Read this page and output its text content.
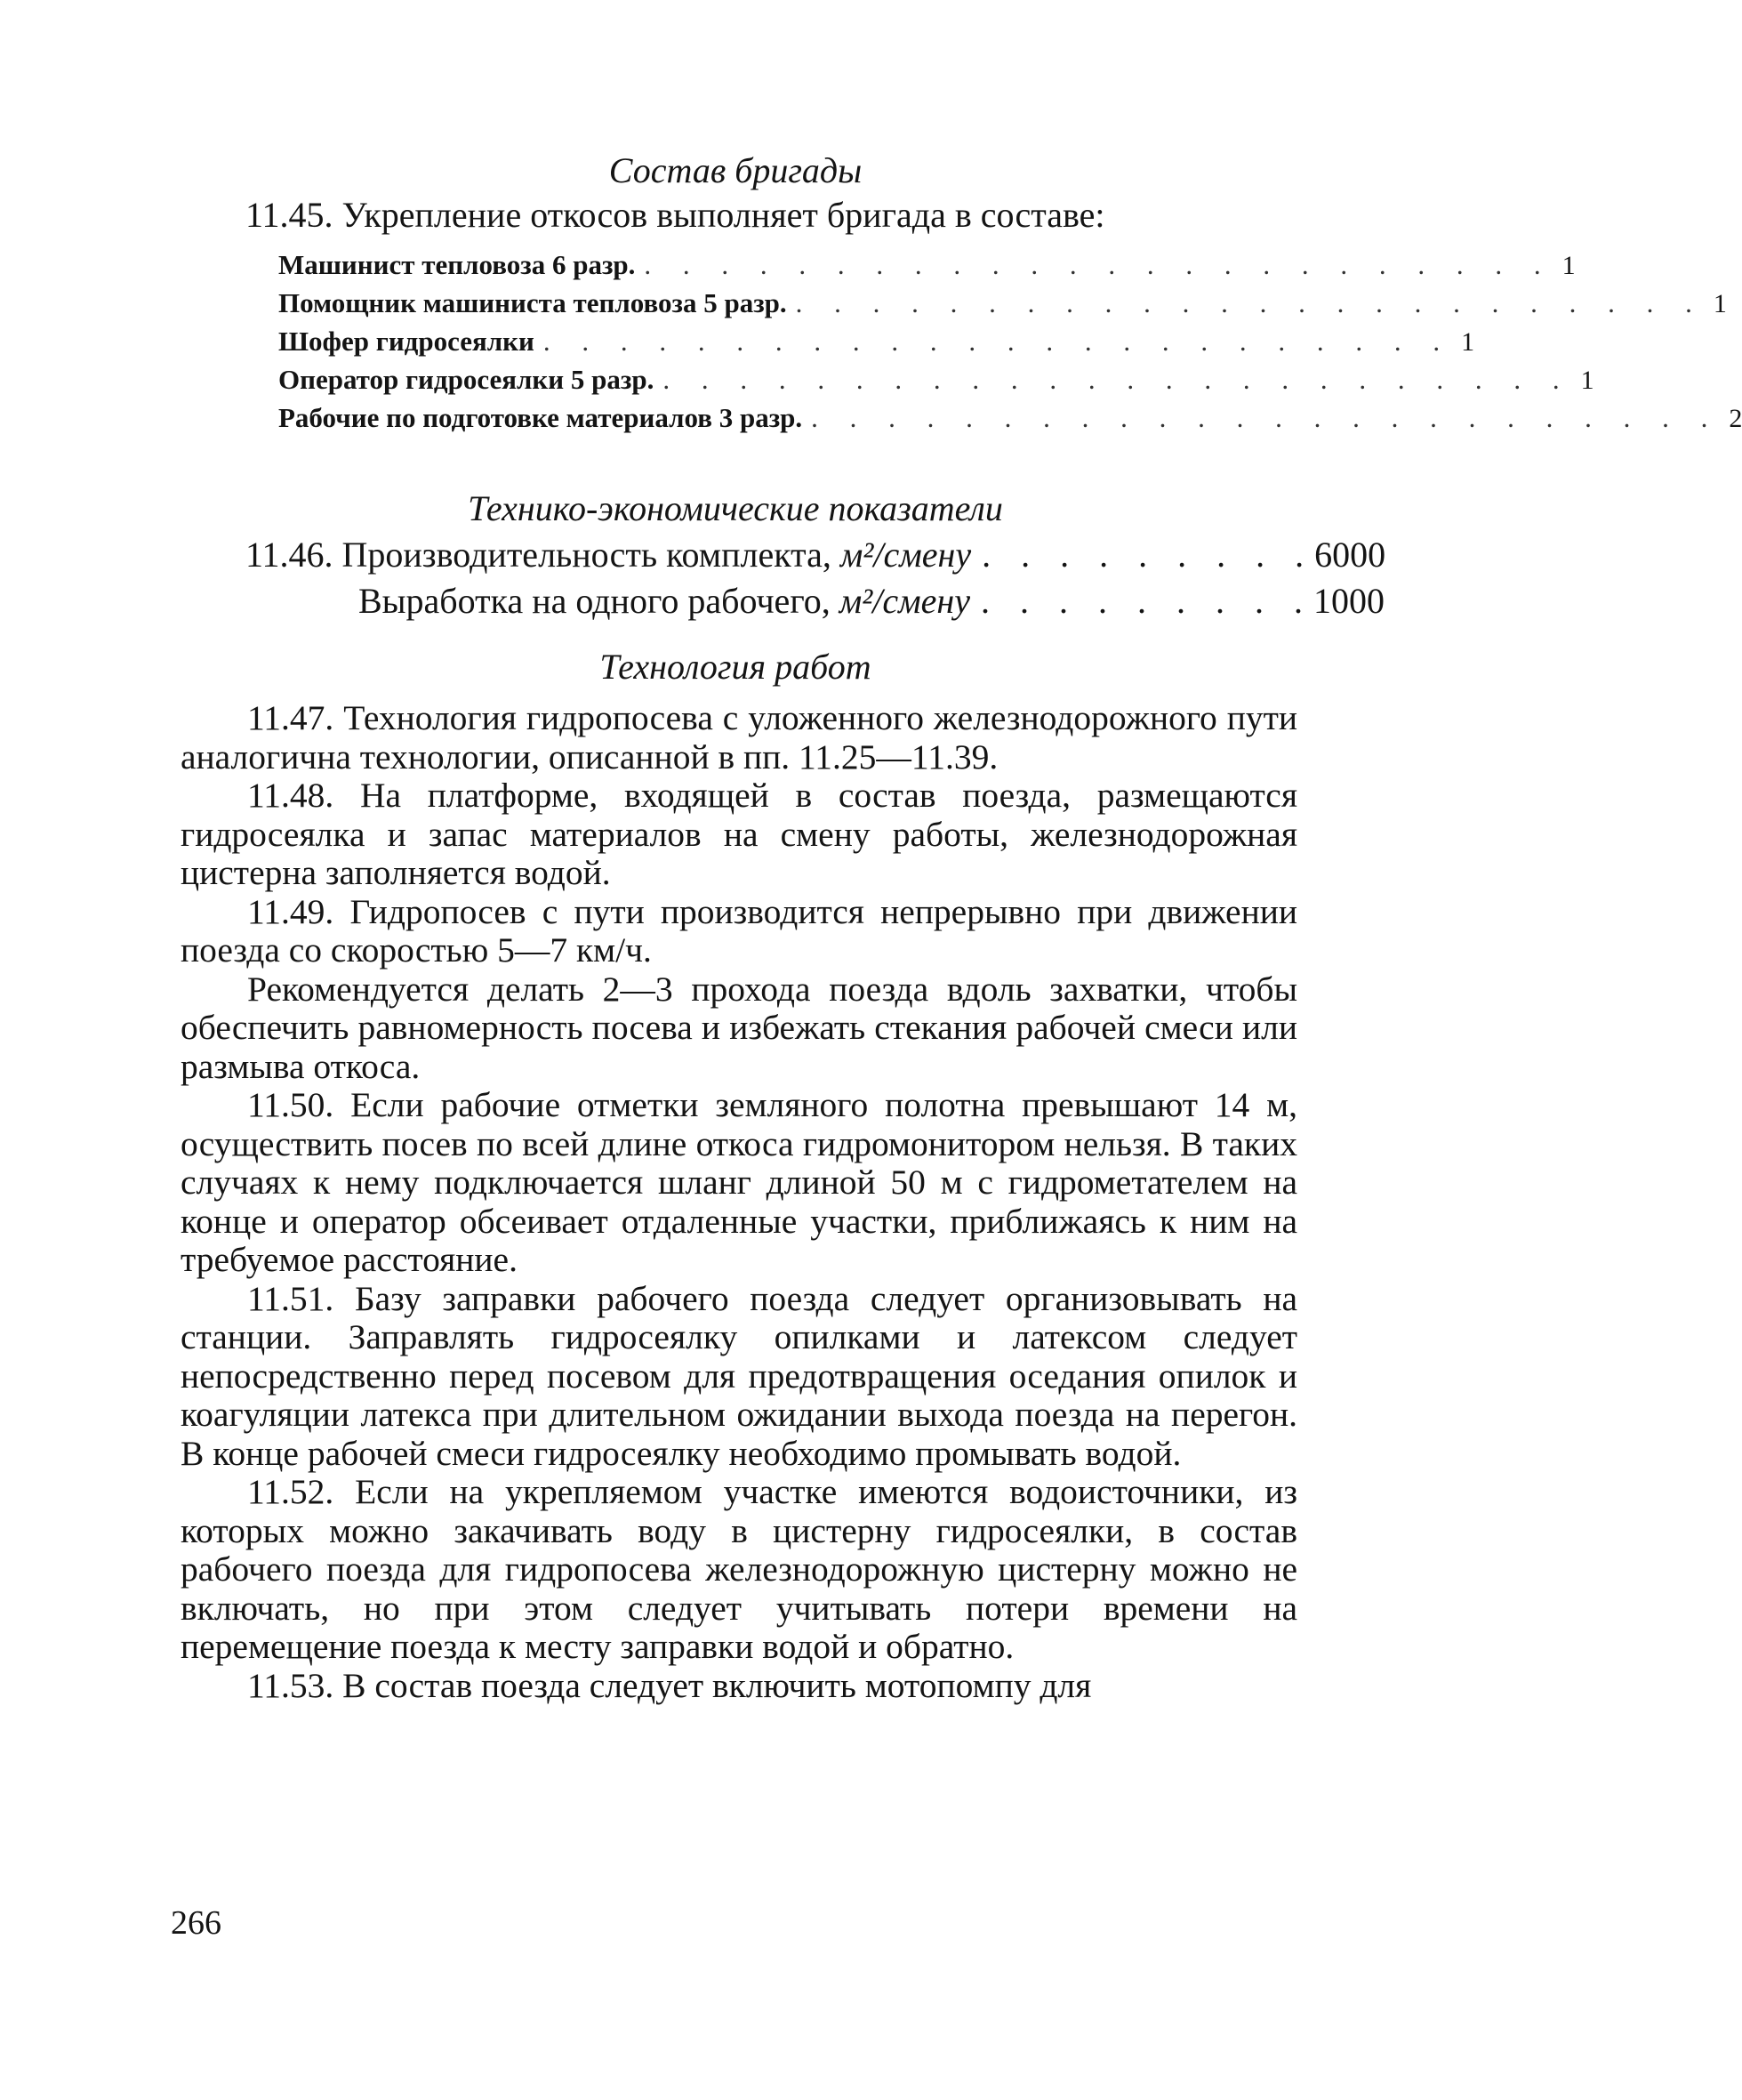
Состав бригады
11.45. Укрепление откосов выполняет бригада в составе:
Машинист тепловоза 6 разр. . . . . . . . . . . . . . . . . . . . . . . . . 1
Помощник машиниста тепловоза 5 разр. . . . . . . . . . . . . . . . . . . . . . . . . 1
Шофер гидросеялки . . . . . . . . . . . . . . . . . . . . . . . . 1
Оператор гидросеялки 5 разр. . . . . . . . . . . . . . . . . . . . . . . . . 1
Рабочие по подготовке материалов 3 разр. . . . . . . . . . . . . . . . . . . . . . . . . 2
Технико-экономические показатели
11.46. Производительность комплекта, м²/смену . . . . . . . . . 6000
Выработка на одного рабочего, м²/смену . . . . . . . . . 1000
Технология работ

11.47. Технология гидропосева с уложенного железнодорожного пути аналогична технологии, описанной в пп. 11.25—11.39.

11.48. На платформе, входящей в состав поезда, размещаются гидросеялка и запас материалов на смену работы, железнодорожная цистерна заполняется водой.

11.49. Гидропосев с пути производится непрерывно при движении поезда со скоростью 5—7 км/ч.

Рекомендуется делать 2—3 прохода поезда вдоль захватки, чтобы обеспечить равномерность посева и избежать стекания рабочей смеси или размыва откоса.

11.50. Если рабочие отметки земляного полотна превышают 14 м, осуществить посев по всей длине откоса гидромонитором нельзя. В таких случаях к нему подключается шланг длиной 50 м с гидрометателем на конце и оператор обсеивает отдаленные участки, приближаясь к ним на требуемое расстояние.

11.51. Базу заправки рабочего поезда следует организовывать на станции. Заправлять гидросеялку опилками и латексом следует непосредственно перед посевом для предотвращения оседания опилок и коагуляции латекса при длительном ожидании выхода поезда на перегон. В конце рабочей смеси гидросеялку необходимо промывать водой.

11.52. Если на укрепляемом участке имеются водоисточники, из которых можно закачивать воду в цистерну гидросеялки, в состав рабочего поезда для гидропосева железнодорожную цистерну можно не включать, но при этом следует учитывать потери времени на перемещение поезда к месту заправки водой и обратно.

11.53. В состав поезда следует включить мотопомпу для

266
